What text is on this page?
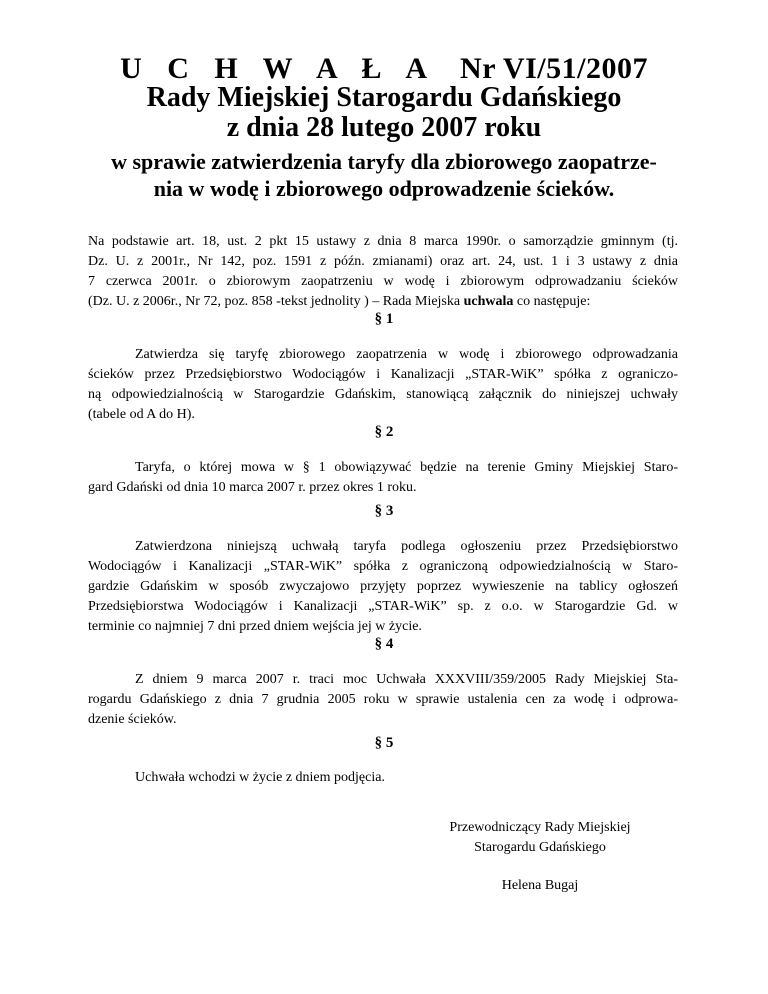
U C H W A Ł A Nr VI/51/2007
Rady Miejskiej Starogardu Gdańskiego
z dnia 28 lutego 2007 roku
w sprawie zatwierdzenia taryfy dla zbiorowego zaopatrze-
nia w wodę i zbiorowego odprowadzenie ścieków.
Na podstawie art. 18, ust. 2 pkt 15 ustawy z dnia 8 marca 1990r. o samorządzie gminnym (tj.
Dz. U. z 2001r., Nr 142, poz. 1591 z późn. zmianami) oraz art. 24, ust. 1 i 3 ustawy z dnia
7 czerwca 2001r. o zbiorowym zaopatrzeniu w wodę i zbiorowym odprowadzaniu ścieków
(Dz. U. z 2006r., Nr 72, poz. 858 -tekst jednolity ) – Rada Miejska uchwala co następuje:
§ 1
Zatwierdza się taryfę zbiorowego zaopatrzenia w wodę i zbiorowego odprowadzania
ścieków przez Przedsiębiorstwo Wodociągów i Kanalizacji „STAR-WiK” spółka z ograniczo-
ną odpowiedzialnością w Starogardzie Gdańskim, stanowiącą załącznik do niniejszej uchwały
(tabele od A do H).
§ 2
Taryfa, o której mowa w § 1 obowiązywać będzie na terenie Gminy Miejskiej Staro-
gard Gdański od dnia 10 marca 2007 r. przez okres 1 roku.
§ 3
Zatwierdzona niniejszą uchwałą taryfa podlega ogłoszeniu przez Przedsiębiorstwo
Wodociągów i Kanalizacji „STAR-WiK” spółka z ograniczoną odpowiedzialnością w Staro-
gardzie Gdańskim w sposób zwyczajowo przyjęty poprzez wywieszenie na tablicy ogłoszeń
Przedsiębiorstwa Wodociągów i Kanalizacji „STAR-WiK” sp. z o.o. w Starogardzie Gd. w
terminie co najmniej 7 dni przed dniem wejścia jej w życie.
§ 4
Z dniem 9 marca 2007 r. traci moc Uchwała XXXVIII/359/2005 Rady Miejskiej Sta-
rogardu Gdańskiego z dnia 7 grudnia 2005 roku w sprawie ustalenia cen za wodę i odprowa-
dzenie ścieków.
§ 5
Uchwała wchodzi w życie z dniem podjęcia.
Przewodniczący Rady Miejskiej
Starogardu Gdańskiego
Helena Bugaj
